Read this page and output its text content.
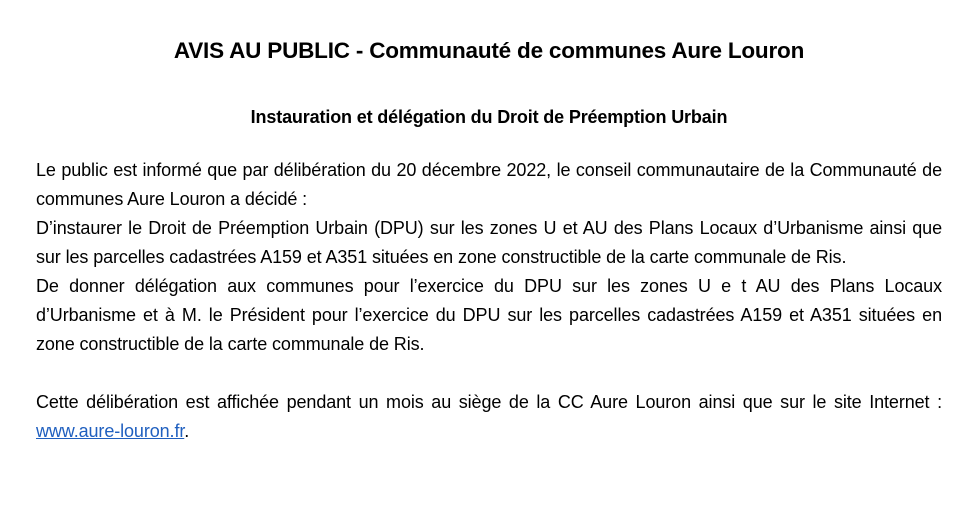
AVIS AU PUBLIC - Communauté de communes Aure Louron
Instauration et délégation du Droit de Préemption Urbain

Le public est informé que par délibération du 20 décembre 2022, le conseil communautaire de la Communauté de communes Aure Louron a décidé :

D’instaurer le Droit de Préemption Urbain (DPU) sur les zones U et AU des Plans Locaux d’Urbanisme ainsi que sur les parcelles cadastrées A159 et A351 situées en zone constructible de la carte communale de Ris.

De donner délégation aux communes pour l’exercice du DPU sur les zones U e t AU des Plans Locaux d’Urbanisme et à M. le Président pour l’exercice du DPU sur les parcelles cadastrées A159 et A351 situées en zone constructible de la carte communale de Ris.

Cette délibération est affichée pendant un mois au siège de la CC Aure Louron ainsi que sur le site Internet : www.aure-louron.fr.
